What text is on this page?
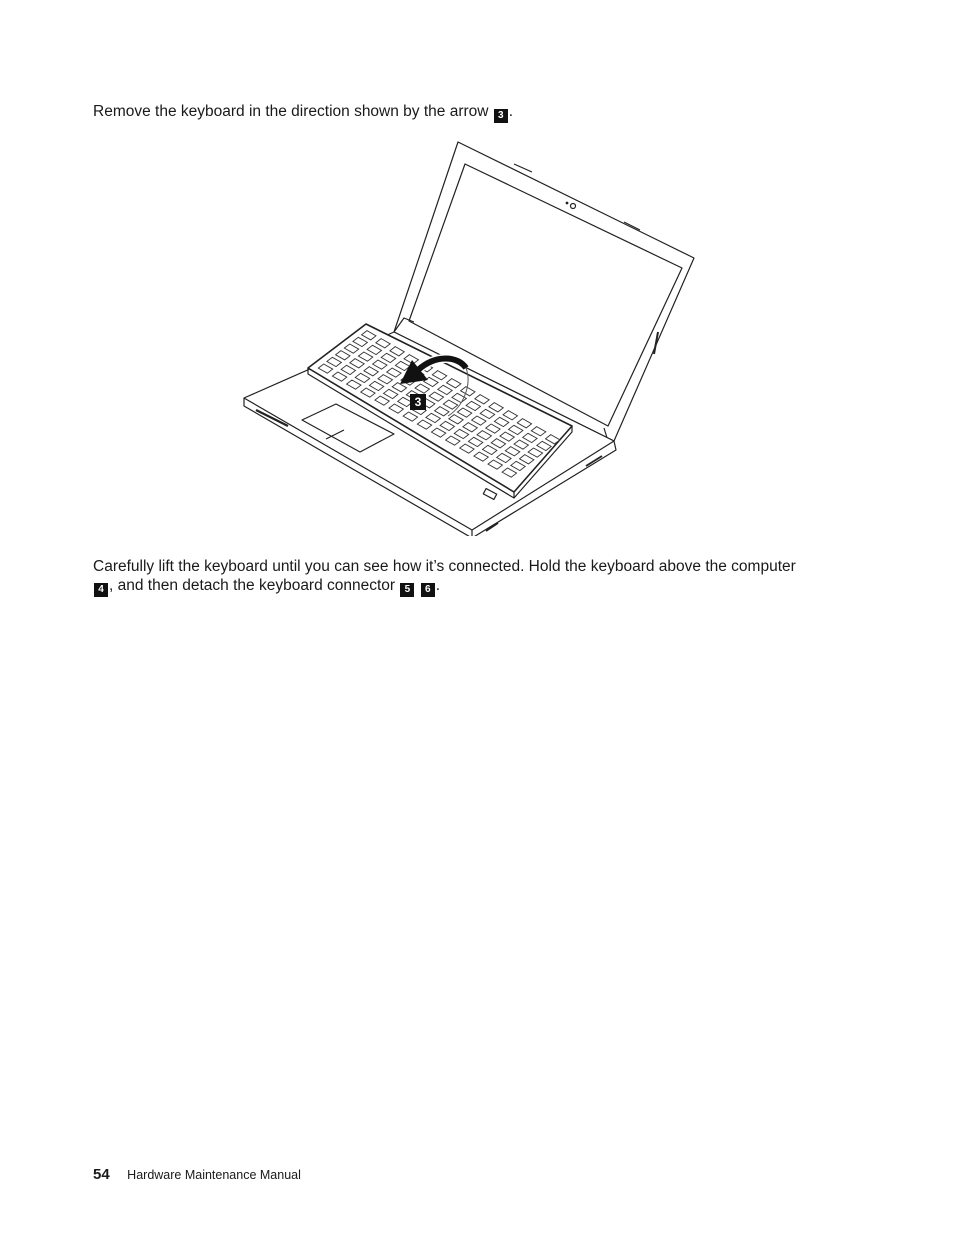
Remove the keyboard in the direction shown by the arrow 3 .

3

Carefully lift the keyboard until you can see how it’s connected. Hold the keyboard above the computer
4 , and then detach the keyboard connector 5 6 .

54 Hardware Maintenance Manual
